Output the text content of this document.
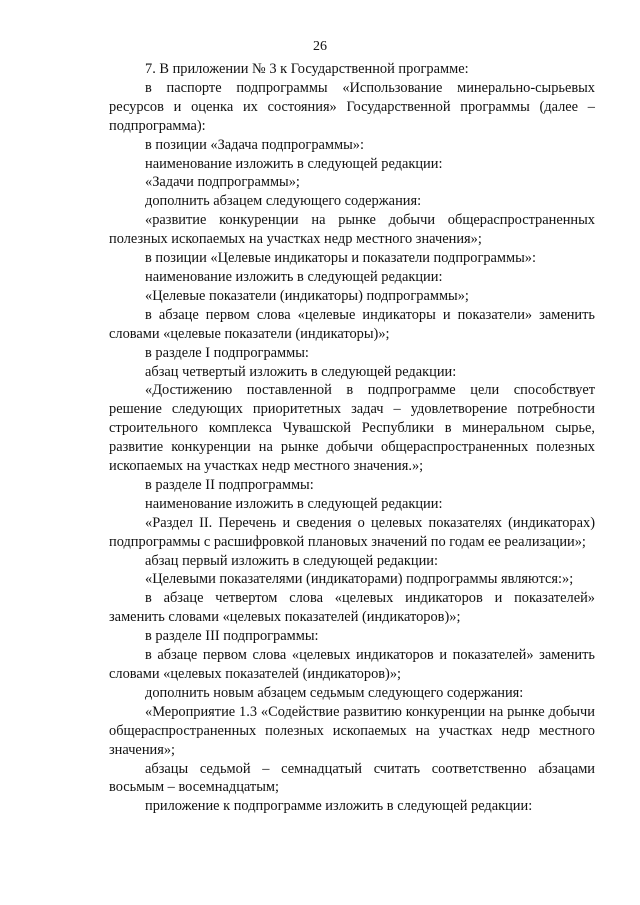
26

7. В приложении № 3 к Государственной программе:

в паспорте подпрограммы «Использование минерально-сырьевых ресурсов и оценка их состояния» Государственной программы (далее – подпрограмма):

в позиции «Задача подпрограммы»:

наименование изложить в следующей редакции:

«Задачи подпрограммы»;

дополнить абзацем следующего содержания:

«развитие конкуренции на рынке добычи общераспространенных полезных ископаемых на участках недр местного значения»;

в позиции «Целевые индикаторы и показатели подпрограммы»:

наименование изложить в следующей редакции:

«Целевые показатели (индикаторы) подпрограммы»;

в абзаце первом слова «целевые индикаторы и показатели» заменить словами «целевые показатели (индикаторы)»;

в разделе I подпрограммы:

абзац четвертый изложить в следующей редакции:

«Достижению поставленной в подпрограмме цели способствует решение следующих приоритетных задач – удовлетворение потребности строительного комплекса Чувашской Республики в минеральном сырье, развитие конкуренции на рынке добычи общераспространенных полезных ископаемых на участках недр местного значения.»;

в разделе II подпрограммы:

наименование изложить в следующей редакции:

«Раздел II. Перечень и сведения о целевых показателях (индикаторах) подпрограммы с расшифровкой плановых значений по годам ее реализации»;

абзац первый изложить в следующей редакции:

«Целевыми показателями (индикаторами) подпрограммы являются:»;

в абзаце четвертом слова «целевых индикаторов и показателей» заменить словами «целевых показателей (индикаторов)»;

в разделе III подпрограммы:

в абзаце первом слова «целевых индикаторов и показателей» заменить словами «целевых показателей (индикаторов)»;

дополнить новым абзацем седьмым следующего содержания:

«Мероприятие 1.3 «Содействие развитию конкуренции на рынке добычи общераспространенных полезных ископаемых на участках недр местного значения»;

абзацы седьмой – семнадцатый считать соответственно абзацами восьмым – восемнадцатым;

приложение к подпрограмме изложить в следующей редакции:
